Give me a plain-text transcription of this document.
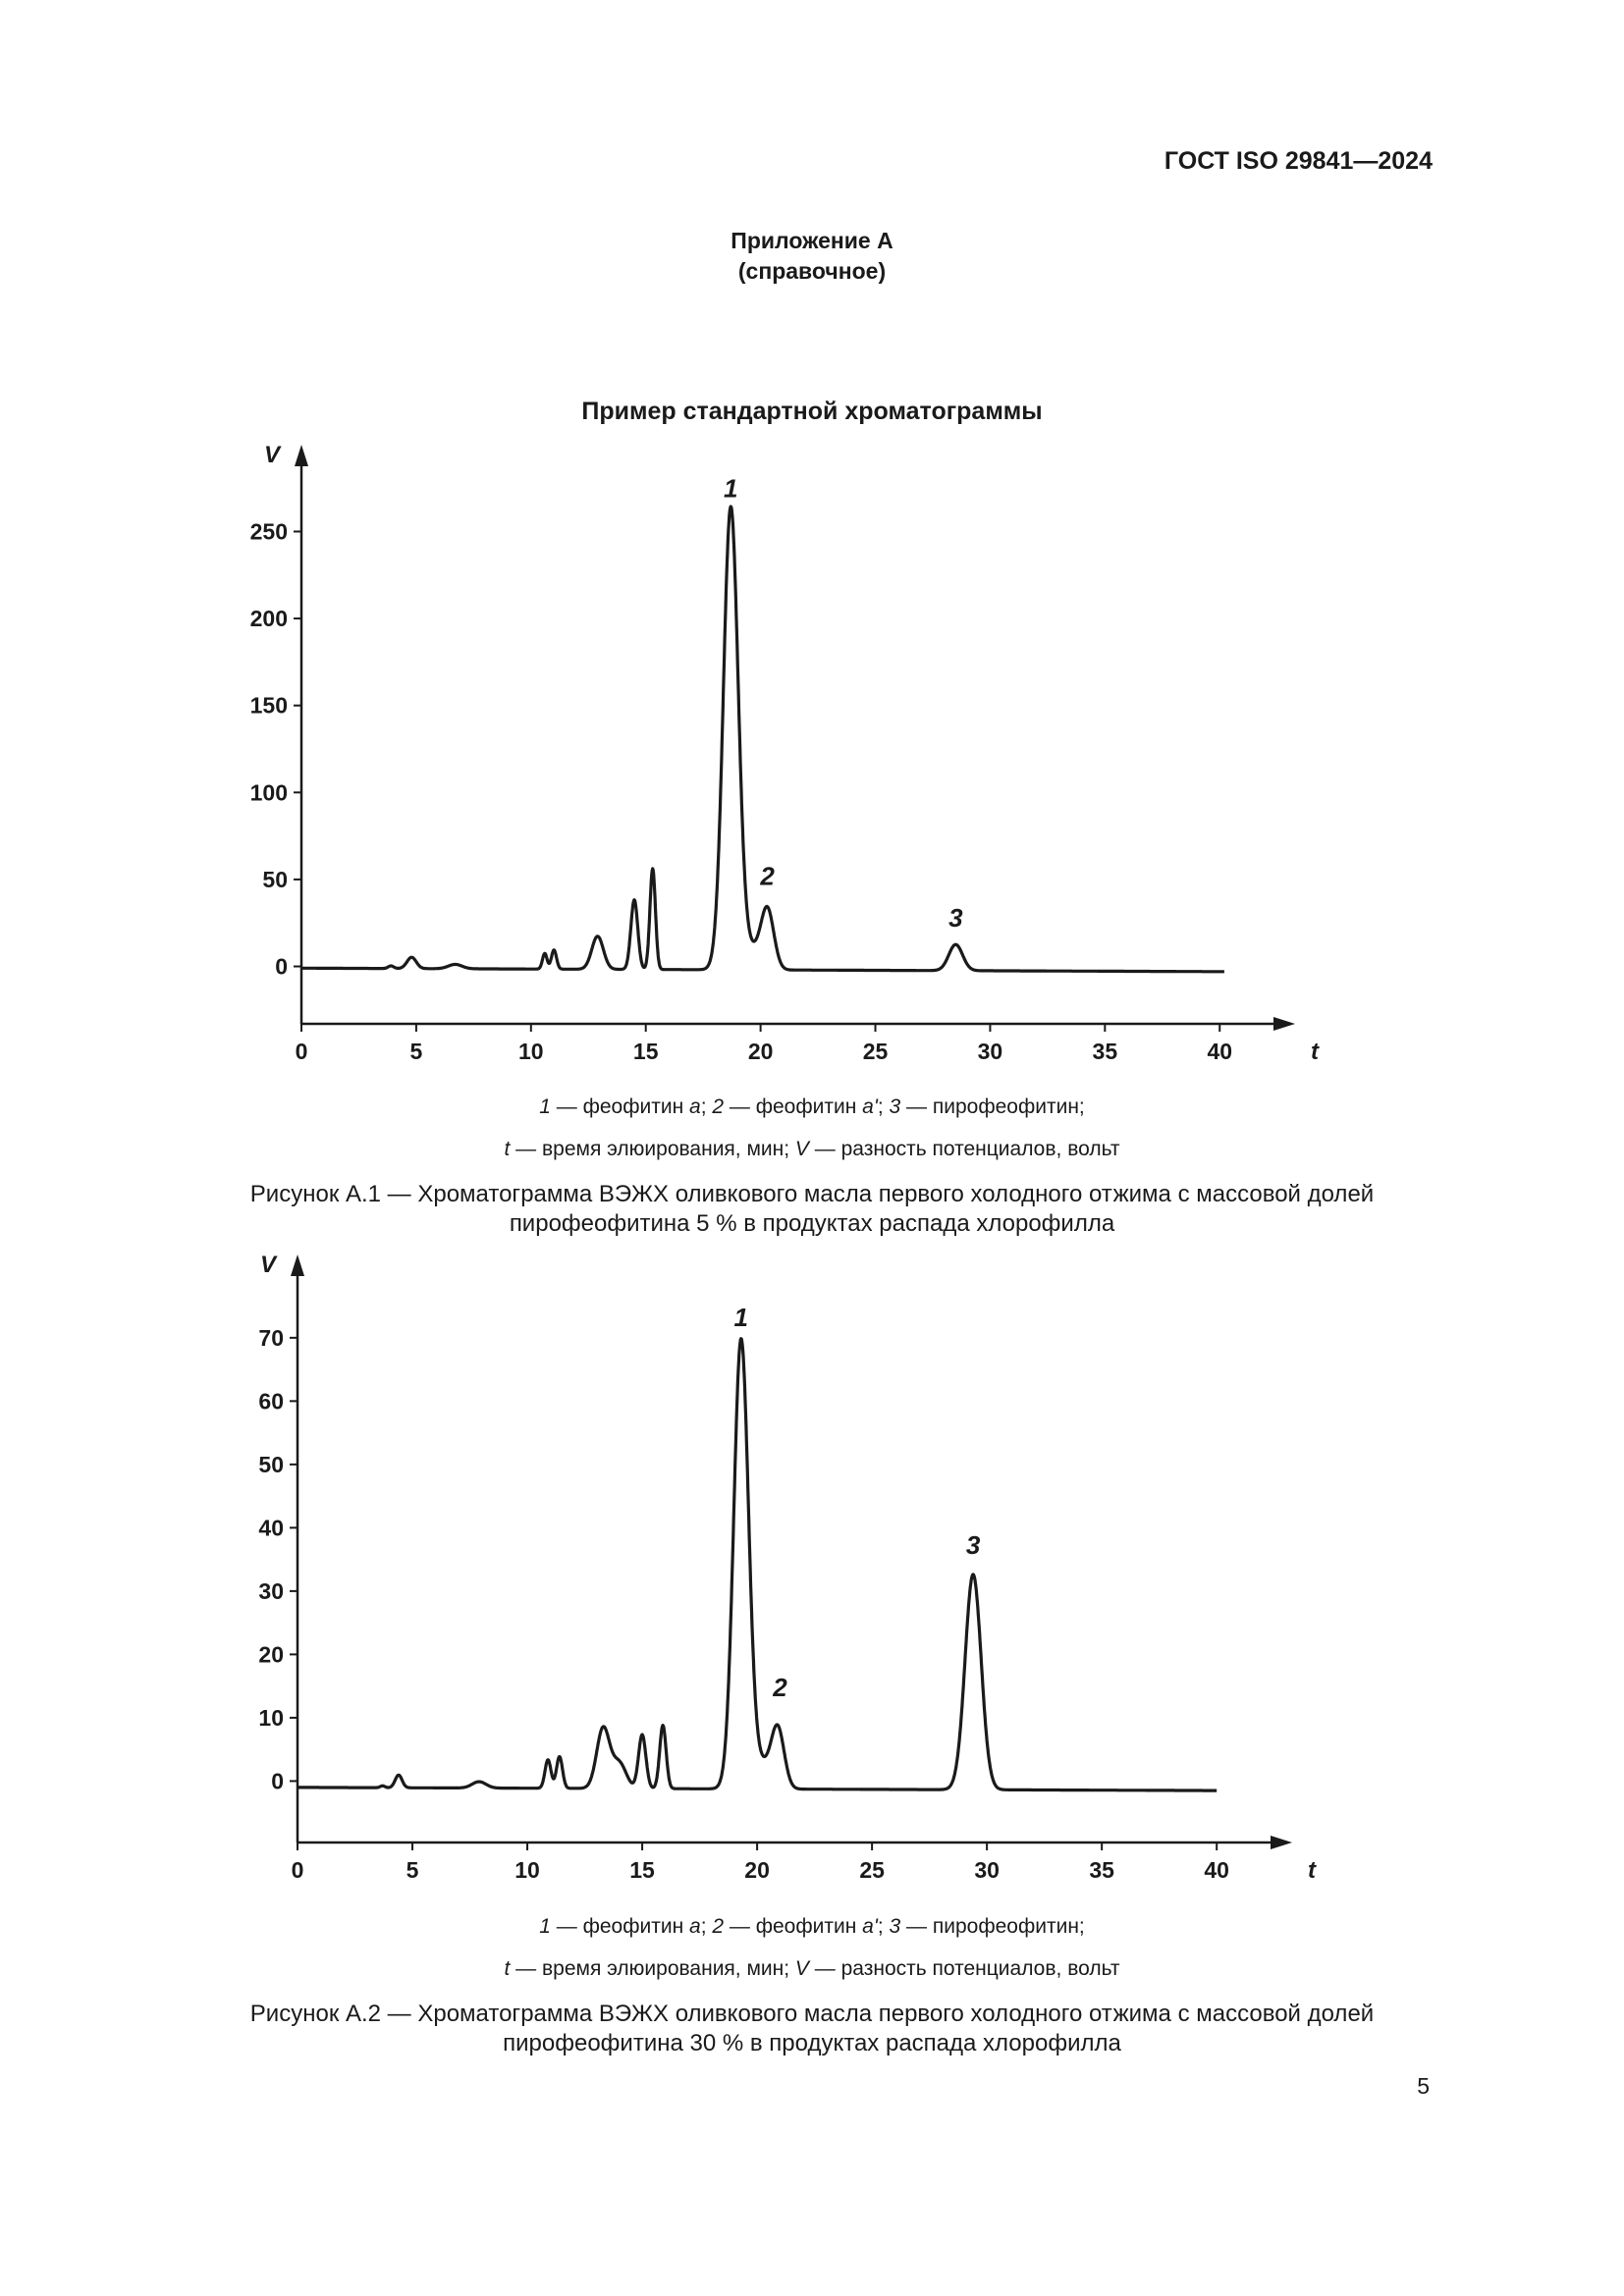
ГОСТ ISO 29841—2024
Приложение А
(справочное)
Пример стандартной хроматограммы
0	5	10	15	20	25	30	35	40
0
50
100
150
200
250
t
V
1
2
3
1 — феофитин a; 2 — феофитин a'; 3 — пирофеофитин;
t — время элюирования, мин; V — разность потенциалов, вольт
Рисунок А.1 — Хроматограмма ВЭЖХ оливкового масла первого холодного отжима с массовой долей
пирофеофитина 5 % в продуктах распада хлорофилла
0	5	10	15	20	25	30	35	40
0
10
20
30
40
50
60
70
t
V
1
2
3
1 — феофитин a; 2 — феофитин a'; 3 — пирофеофитин;
t — время элюирования, мин; V — разность потенциалов, вольт
Рисунок А.2 — Хроматограмма ВЭЖХ оливкового масла первого холодного отжима с массовой долей
пирофеофитина 30 % в продуктах распада хлорофилла
5
